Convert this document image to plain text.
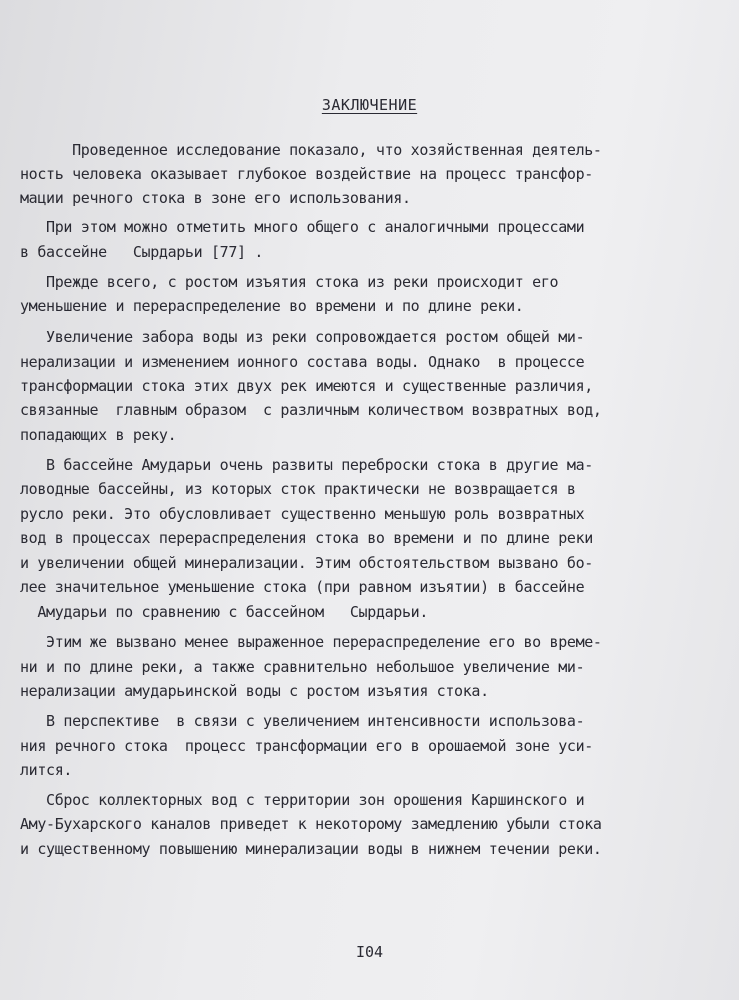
ЗАКЛЮЧЕНИЕ
Проведенное исследование показало, что хозяйственная деятель-
ность человека оказывает глубокое воздействие на процесс трансфор-
мации речного стока в зоне его использования.
При этом можно отметить много общего с аналогичными процессами
в бассейне   Сырдарьи [77] .
Прежде всего, с ростом изъятия стока из реки происходит его
уменьшение и перераспределение во времени и по длине реки.
Увеличение забора воды из реки сопровождается ростом общей ми-
нерализации и изменением ионного состава воды. Однако  в процессе
трансформации стока этих двух рек имеются и существенные различия,
связанные  главным образом  с различным количеством возвратных вод,
попадающих в реку.
В бассейне Амударьи очень развиты переброски стока в другие ма-
ловодные бассейны, из которых сток практически не возвращается в
русло реки. Это обусловливает существенно меньшую роль возвратных
вод в процессах перераспределения стока во времени и по длине реки
и увеличении общей минерализации. Этим обстоятельством вызвано бо-
лее значительное уменьшение стока (при равном изъятии) в бассейне
Амударьи по сравнению с бассейном   Сырдарьи.
Этим же вызвано менее выраженное перераспределение его во време-
ни и по длине реки, а также сравнительно небольшое увеличение ми-
нерализации амударьинской воды с ростом изъятия стока.
В перспективе  в связи с увеличением интенсивности использова-
ния речного стока  процесс трансформации его в орошаемой зоне уси-
лится.
Сброс коллекторных вод с территории зон орошения Каршинского и
Аму-Бухарского каналов приведет к некоторому замедлению убыли стока
и существенному повышению минерализации воды в нижнем течении реки.
I04
